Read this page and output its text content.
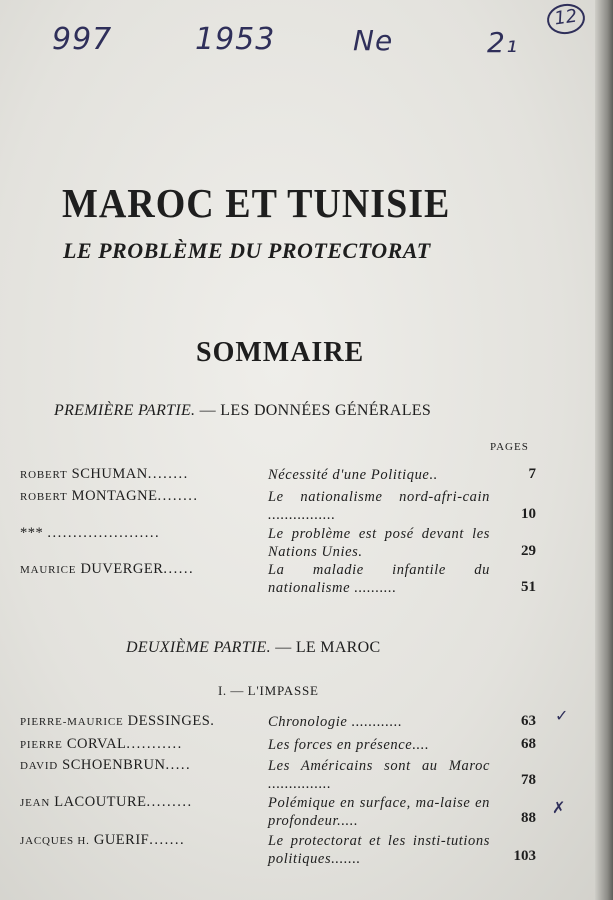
997	1953	Ne	2₁
12
MAROC ET TUNISIE
LE PROBLÈME DU PROTECTORAT
SOMMAIRE
PREMIÈRE PARTIE. — LES DONNÉES GÉNÉRALES
PAGES
ROBERT SCHUMAN........	Nécessité d'une Politique..	7
ROBERT MONTAGNE........	Le nationalisme nord-afri-cain ................	10
*** ......................	Le problème est posé devant les Nations Unies.	29
MAURICE DUVERGER......	La maladie infantile du nationalisme ..........	51
DEUXIÈME PARTIE. — LE MAROC
I. — L'IMPASSE
PIERRE-MAURICE DESSINGES.	Chronologie ............	63
PIERRE CORVAL...........	Les forces en présence....	68
DAVID SCHOENBRUN.....	Les Américains sont au Maroc ...............	78
JEAN LACOUTURE.........	Polémique en surface, ma-laise en profondeur.....	88
JACQUES H. GUERIF.......	Le protectorat et les insti-tutions politiques.......	103
✓
✗
